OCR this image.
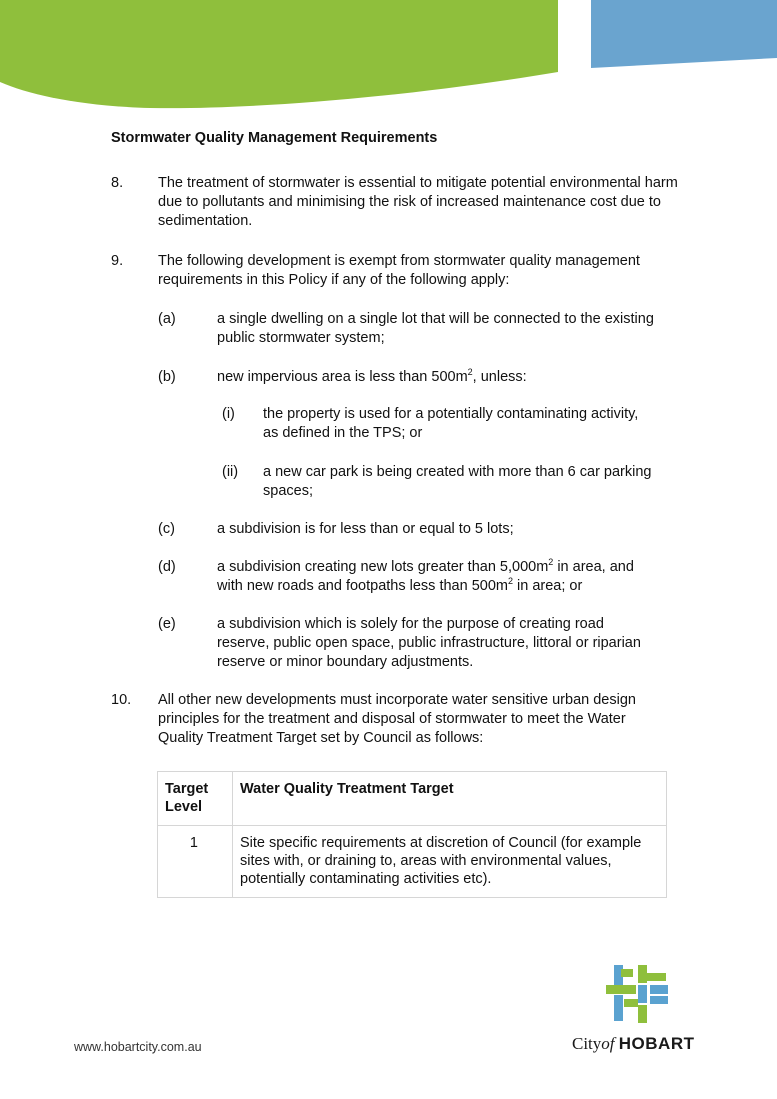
Stormwater Quality Management Requirements
8. The treatment of stormwater is essential to mitigate potential environmental harm due to pollutants and minimising the risk of increased maintenance cost due to sedimentation.

9. The following development is exempt from stormwater quality management requirements in this Policy if any of the following apply:

(a)	a single dwelling on a single lot that will be connected to the existing public stormwater system;

(b)	new impervious area is less than $500m^2$, unless:

(i) the property is used for a potentially contaminating activity, as defined in the TPS; or

(ii) a new car park is being created with more than 6 car parking spaces;

(c)	a subdivision is for less than or equal to 5 lots;

(d)	a subdivision creating new lots greater than $5,000m^2$ in area, and with new roads and footpaths less than $500m^2$ in area; or

(e)	a subdivision which is solely for the purpose of creating road reserve, public open space, public infrastructure, littoral or riparian reserve or minor boundary adjustments.

10. All other new developments must incorporate water sensitive urban design principles for the treatment and disposal of stormwater to meet the Water Quality Treatment Target set by Council as follows:

Target Level	Water Quality Treatment Target
1	Site specific requirements at discretion of Council (for example sites with, or draining to, areas with environmental values, potentially contaminating activities etc).
www.hobartcity.com.au	Cityof HOBART
